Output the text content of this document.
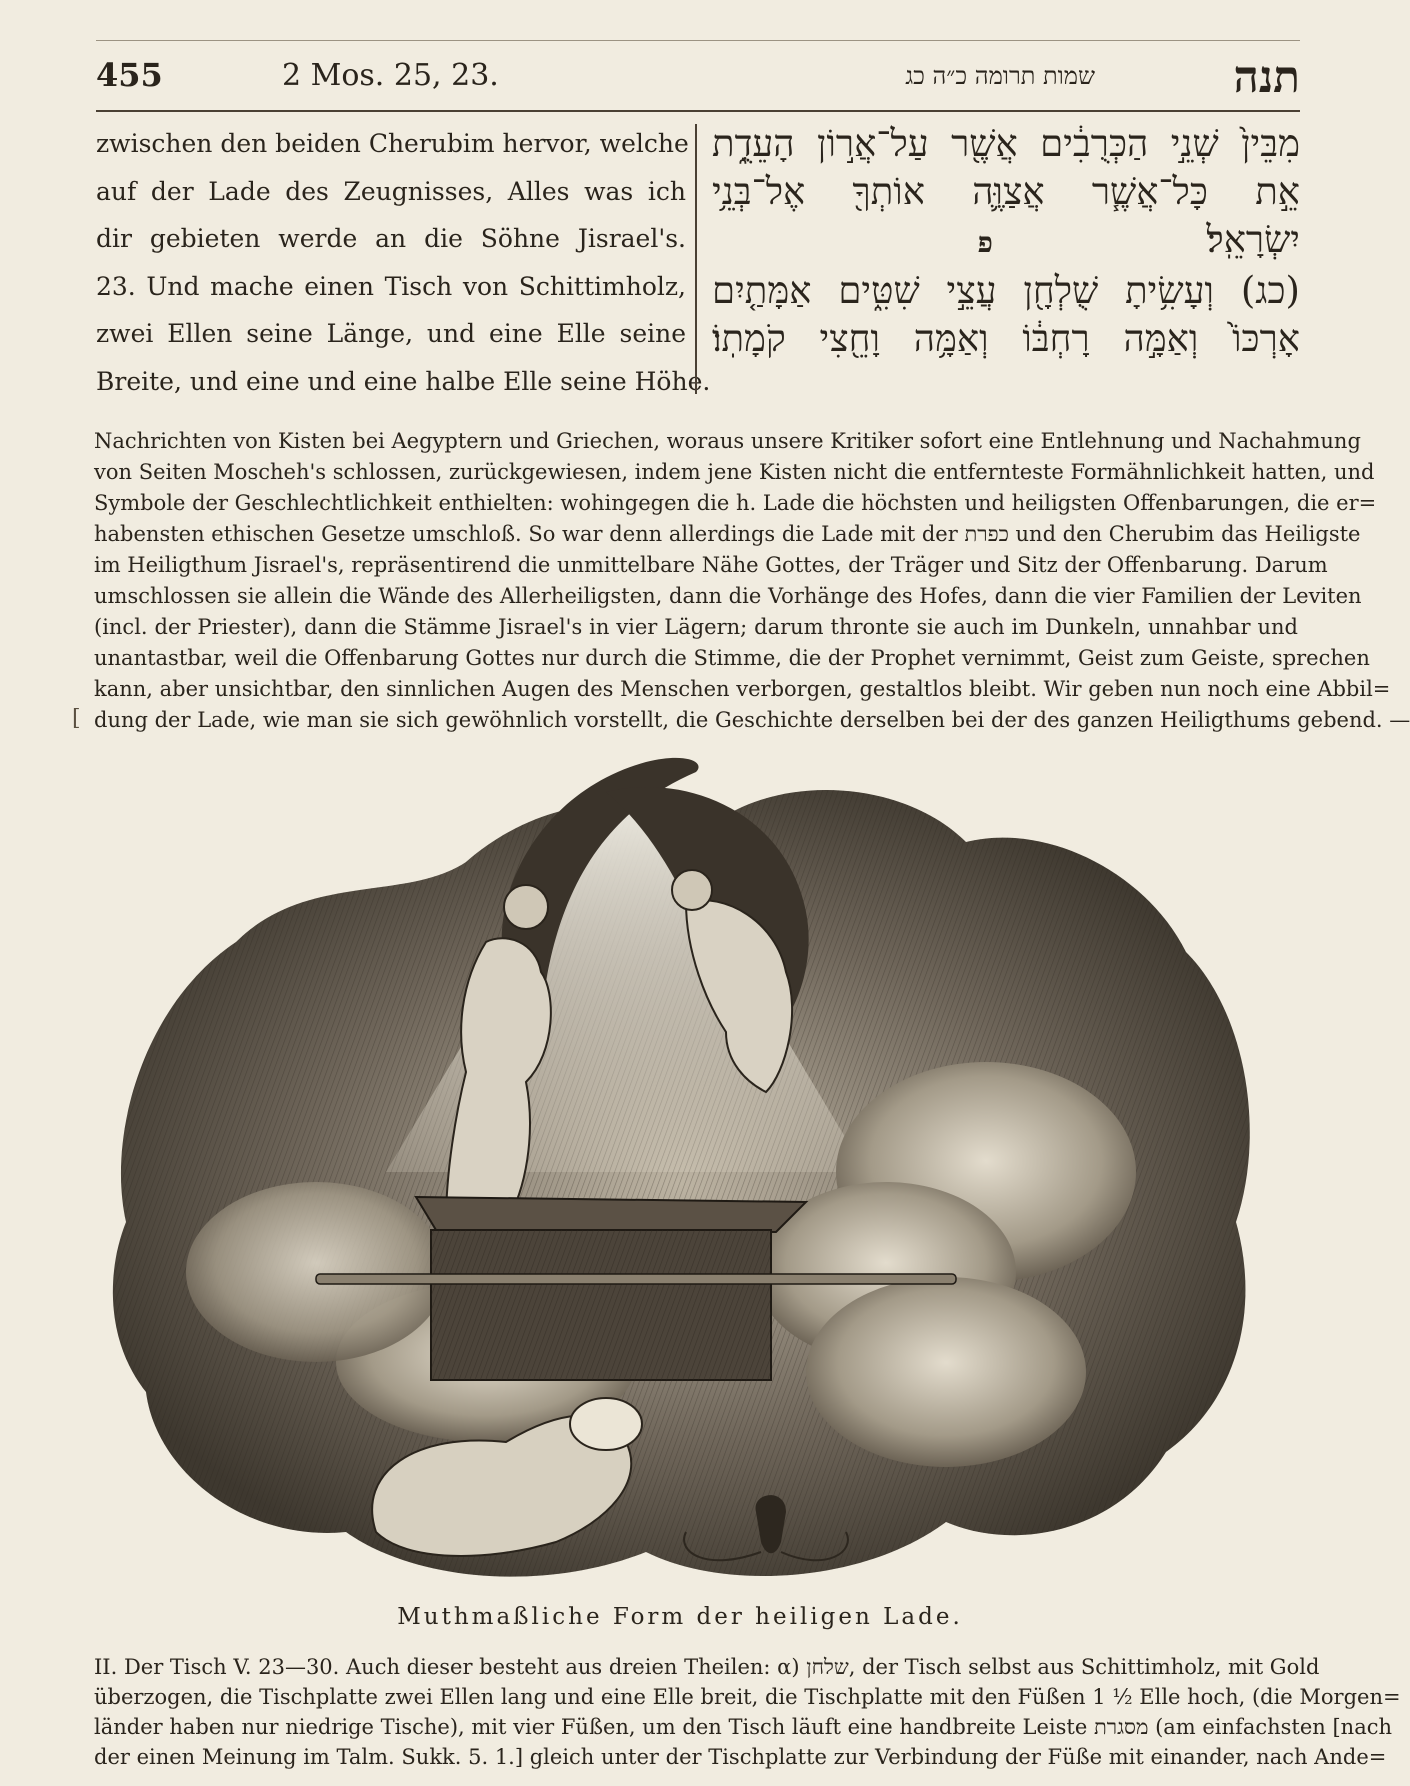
455	2 Mos. 25, 23.	שמות תרומה כ״ה כג	תנה
zwischen den beiden Cherubim hervor, welche
auf der Lade des Zeugnisses, Alles was ich
dir gebieten werde an die Söhne Jisrael's.
23. Und mache einen Tisch von Schittimholz,
zwei Ellen seine Länge, und eine Elle seine
Breite, und eine und eine halbe Elle seine Höhe.
מִבֵּין֙ שְׁנֵ֣י הַכְּרֻבִ֔ים אֲשֶׁ֖ר עַל־אֲר֣וֹן הָעֵדֻ֑ת
אֵ֣ת כָּל־אֲשֶׁ֧ר אֲצַוֶּ֛ה אוֹתְךָ֖ אֶל־בְּנֵ֥י
יִשְׂרָאֵֽל׃  פ
(כג) וְעָשִׂ֥יתָ שֻׁלְחָ֖ן עֲצֵ֣י שִׁטִּ֑ים אַמָּתַ֤יִם
אָרְכּוֹ֙ וְאַמָּ֣ה רָחְבּ֔וֹ וְאַמָּ֥ה וָחֵ֖צִי קֹמָתֽוֹ׃
Nachrichten von Kisten bei Aegyptern und Griechen, woraus unsere Kritiker sofort eine Entlehnung und Nachahmung
von Seiten Moscheh's schlossen, zurückgewiesen, indem jene Kisten nicht die entfernteste Formähnlichkeit hatten, und
Symbole der Geschlechtlichkeit enthielten: wohingegen die h. Lade die höchsten und heiligsten Offenbarungen, die er=
habensten ethischen Gesetze umschloß. So war denn allerdings die Lade mit der כפרת und den Cherubim das Heiligste
im Heiligthum Jisrael's, repräsentirend die unmittelbare Nähe Gottes, der Träger und Sitz der Offenbarung. Darum
umschlossen sie allein die Wände des Allerheiligsten, dann die Vorhänge des Hofes, dann die vier Familien der Leviten
(incl. der Priester), dann die Stämme Jisrael's in vier Lägern; darum thronte sie auch im Dunkeln, unnahbar und
unantastbar, weil die Offenbarung Gottes nur durch die Stimme, die der Prophet vernimmt, Geist zum Geiste, sprechen
kann, aber unsichtbar, den sinnlichen Augen des Menschen verborgen, gestaltlos bleibt. Wir geben nun noch eine Abbil=
dung der Lade, wie man sie sich gewöhnlich vorstellt, die Geschichte derselben bei der des ganzen Heiligthums gebend. —
[
Muthmaßliche Form der heiligen Lade.
II. Der Tisch V. 23—30. Auch dieser besteht aus dreien Theilen: α) שלחן, der Tisch selbst aus Schittimholz, mit Gold
überzogen, die Tischplatte zwei Ellen lang und eine Elle breit, die Tischplatte mit den Füßen 1 ½ Elle hoch, (die Morgen=
länder haben nur niedrige Tische), mit vier Füßen, um den Tisch läuft eine handbreite Leiste מסגרת (am einfachsten [nach
der einen Meinung im Talm. Sukk. 5. 1.] gleich unter der Tischplatte zur Verbindung der Füße mit einander, nach Ande=
